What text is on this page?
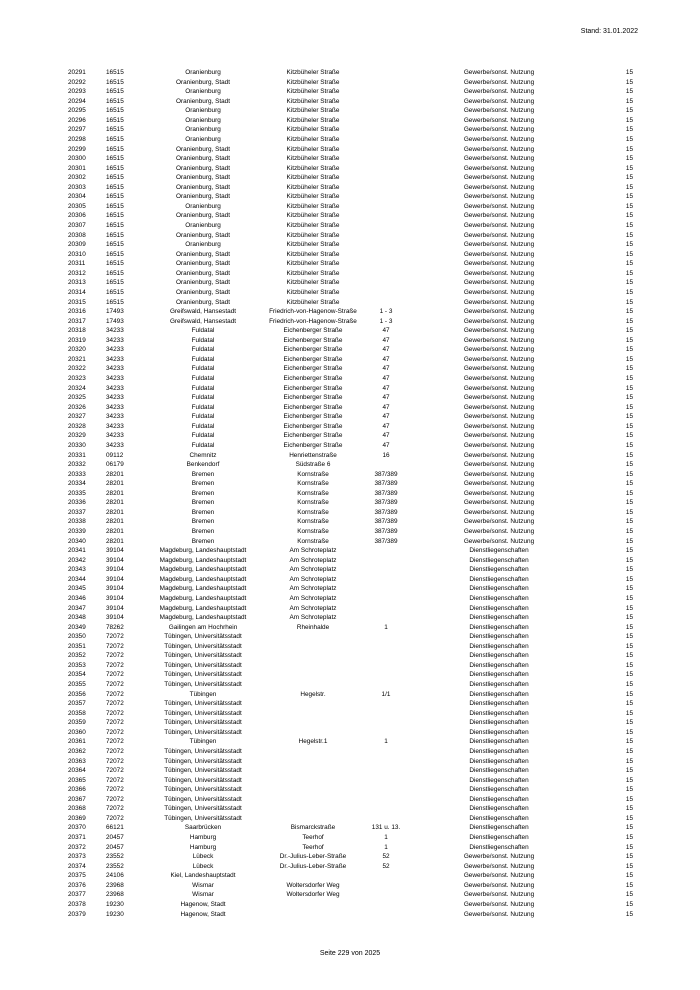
Stand: 31.01.2022
20291	16515	Oranienburg	Kitzbüheler Straße		Gewerbe/sonst. Nutzung	15
20292	16515	Oranienburg, Stadt	Kitzbüheler Straße		Gewerbe/sonst. Nutzung	15
20293	16515	Oranienburg	Kitzbüheler Straße		Gewerbe/sonst. Nutzung	15
20294	16515	Oranienburg, Stadt	Kitzbüheler Straße		Gewerbe/sonst. Nutzung	15
20295	16515	Oranienburg	Kitzbüheler Straße		Gewerbe/sonst. Nutzung	15
20296	16515	Oranienburg	Kitzbüheler Straße		Gewerbe/sonst. Nutzung	15
20297	16515	Oranienburg	Kitzbüheler Straße		Gewerbe/sonst. Nutzung	15
20298	16515	Oranienburg	Kitzbüheler Straße		Gewerbe/sonst. Nutzung	15
20299	16515	Oranienburg, Stadt	Kitzbüheler Straße		Gewerbe/sonst. Nutzung	15
20300	16515	Oranienburg, Stadt	Kitzbüheler Straße		Gewerbe/sonst. Nutzung	15
20301	16515	Oranienburg, Stadt	Kitzbüheler Straße		Gewerbe/sonst. Nutzung	15
20302	16515	Oranienburg, Stadt	Kitzbüheler Straße		Gewerbe/sonst. Nutzung	15
20303	16515	Oranienburg, Stadt	Kitzbüheler Straße		Gewerbe/sonst. Nutzung	15
20304	16515	Oranienburg, Stadt	Kitzbüheler Straße		Gewerbe/sonst. Nutzung	15
20305	16515	Oranienburg	Kitzbüheler Straße		Gewerbe/sonst. Nutzung	15
20306	16515	Oranienburg, Stadt	Kitzbüheler Straße		Gewerbe/sonst. Nutzung	15
20307	16515	Oranienburg	Kitzbüheler Straße		Gewerbe/sonst. Nutzung	15
20308	16515	Oranienburg, Stadt	Kitzbüheler Straße		Gewerbe/sonst. Nutzung	15
20309	16515	Oranienburg	Kitzbüheler Straße		Gewerbe/sonst. Nutzung	15
20310	16515	Oranienburg, Stadt	Kitzbüheler Straße		Gewerbe/sonst. Nutzung	15
20311	16515	Oranienburg, Stadt	Kitzbüheler Straße		Gewerbe/sonst. Nutzung	15
20312	16515	Oranienburg, Stadt	Kitzbüheler Straße		Gewerbe/sonst. Nutzung	15
20313	16515	Oranienburg, Stadt	Kitzbüheler Straße		Gewerbe/sonst. Nutzung	15
20314	16515	Oranienburg, Stadt	Kitzbüheler Straße		Gewerbe/sonst. Nutzung	15
20315	16515	Oranienburg, Stadt	Kitzbüheler Straße		Gewerbe/sonst. Nutzung	15
20316	17493	Greifswald, Hansestadt	Friedrich-von-Hagenow-Straße	1 - 3	Gewerbe/sonst. Nutzung	15
20317	17493	Greifswald, Hansestadt	Friedrich-von-Hagenow-Straße	1 - 3	Gewerbe/sonst. Nutzung	15
20318	34233	Fuldatal	Eichenberger Straße	47	Gewerbe/sonst. Nutzung	15
20319	34233	Fuldatal	Eichenberger Straße	47	Gewerbe/sonst. Nutzung	15
20320	34233	Fuldatal	Eichenberger Straße	47	Gewerbe/sonst. Nutzung	15
20321	34233	Fuldatal	Eichenberger Straße	47	Gewerbe/sonst. Nutzung	15
20322	34233	Fuldatal	Eichenberger Straße	47	Gewerbe/sonst. Nutzung	15
20323	34233	Fuldatal	Eichenberger Straße	47	Gewerbe/sonst. Nutzung	15
20324	34233	Fuldatal	Eichenberger Straße	47	Gewerbe/sonst. Nutzung	15
20325	34233	Fuldatal	Eichenberger Straße	47	Gewerbe/sonst. Nutzung	15
20326	34233	Fuldatal	Eichenberger Straße	47	Gewerbe/sonst. Nutzung	15
20327	34233	Fuldatal	Eichenberger Straße	47	Gewerbe/sonst. Nutzung	15
20328	34233	Fuldatal	Eichenberger Straße	47	Gewerbe/sonst. Nutzung	15
20329	34233	Fuldatal	Eichenberger Straße	47	Gewerbe/sonst. Nutzung	15
20330	34233	Fuldatal	Eichenberger Straße	47	Gewerbe/sonst. Nutzung	15
20331	09112	Chemnitz	Henriettenstraße	16	Gewerbe/sonst. Nutzung	15
20332	06179	Benkendorf	Südstraße 6		Gewerbe/sonst. Nutzung	15
20333	28201	Bremen	Kornstraße	387/389	Gewerbe/sonst. Nutzung	15
20334	28201	Bremen	Kornstraße	387/389	Gewerbe/sonst. Nutzung	15
20335	28201	Bremen	Kornstraße	387/389	Gewerbe/sonst. Nutzung	15
20336	28201	Bremen	Kornstraße	387/389	Gewerbe/sonst. Nutzung	15
20337	28201	Bremen	Kornstraße	387/389	Gewerbe/sonst. Nutzung	15
20338	28201	Bremen	Kornstraße	387/389	Gewerbe/sonst. Nutzung	15
20339	28201	Bremen	Kornstraße	387/389	Gewerbe/sonst. Nutzung	15
20340	28201	Bremen	Kornstraße	387/389	Gewerbe/sonst. Nutzung	15
20341	39104	Magdeburg, Landeshauptstadt	Am Schroteplatz		Dienstliegenschaften	15
20342	39104	Magdeburg, Landeshauptstadt	Am Schroteplatz		Dienstliegenschaften	15
20343	39104	Magdeburg, Landeshauptstadt	Am Schroteplatz		Dienstliegenschaften	15
20344	39104	Magdeburg, Landeshauptstadt	Am Schroteplatz		Dienstliegenschaften	15
20345	39104	Magdeburg, Landeshauptstadt	Am Schroteplatz		Dienstliegenschaften	15
20346	39104	Magdeburg, Landeshauptstadt	Am Schroteplatz		Dienstliegenschaften	15
20347	39104	Magdeburg, Landeshauptstadt	Am Schroteplatz		Dienstliegenschaften	15
20348	39104	Magdeburg, Landeshauptstadt	Am Schroteplatz		Dienstliegenschaften	15
20349	78262	Gailingen am Hochrhein	Rheinhalde	1	Dienstliegenschaften	15
20350	72072	Tübingen, Universitätsstadt			Dienstliegenschaften	15
20351	72072	Tübingen, Universitätsstadt			Dienstliegenschaften	15
20352	72072	Tübingen, Universitätsstadt			Dienstliegenschaften	15
20353	72072	Tübingen, Universitätsstadt			Dienstliegenschaften	15
20354	72072	Tübingen, Universitätsstadt			Dienstliegenschaften	15
20355	72072	Tübingen, Universitätsstadt			Dienstliegenschaften	15
20356	72072	Tübingen	Hegelstr.	1/1	Dienstliegenschaften	15
20357	72072	Tübingen, Universitätsstadt			Dienstliegenschaften	15
20358	72072	Tübingen, Universitätsstadt			Dienstliegenschaften	15
20359	72072	Tübingen, Universitätsstadt			Dienstliegenschaften	15
20360	72072	Tübingen, Universitätsstadt			Dienstliegenschaften	15
20361	72072	Tübingen	Hegelstr.1	1	Dienstliegenschaften	15
20362	72072	Tübingen, Universitätsstadt			Dienstliegenschaften	15
20363	72072	Tübingen, Universitätsstadt			Dienstliegenschaften	15
20364	72072	Tübingen, Universitätsstadt			Dienstliegenschaften	15
20365	72072	Tübingen, Universitätsstadt			Dienstliegenschaften	15
20366	72072	Tübingen, Universitätsstadt			Dienstliegenschaften	15
20367	72072	Tübingen, Universitätsstadt			Dienstliegenschaften	15
20368	72072	Tübingen, Universitätsstadt			Dienstliegenschaften	15
20369	72072	Tübingen, Universitätsstadt			Dienstliegenschaften	15
20370	66121	Saarbrücken	Bismarckstraße	131 u. 13.	Dienstliegenschaften	15
20371	20457	Hamburg	Teerhof	1	Dienstliegenschaften	15
20372	20457	Hamburg	Teerhof	1	Dienstliegenschaften	15
20373	23552	Lübeck	Dr.-Julius-Leber-Straße	52	Gewerbe/sonst. Nutzung	15
20374	23552	Lübeck	Dr.-Julius-Leber-Straße	52	Gewerbe/sonst. Nutzung	15
20375	24106	Kiel, Landeshauptstadt			Gewerbe/sonst. Nutzung	15
20376	23968	Wismar	Woltersdorfer Weg		Gewerbe/sonst. Nutzung	15
20377	23968	Wismar	Woltersdorfer Weg		Gewerbe/sonst. Nutzung	15
20378	19230	Hagenow, Stadt			Gewerbe/sonst. Nutzung	15
20379	19230	Hagenow, Stadt			Gewerbe/sonst. Nutzung	15
Seite 229 von 2025
